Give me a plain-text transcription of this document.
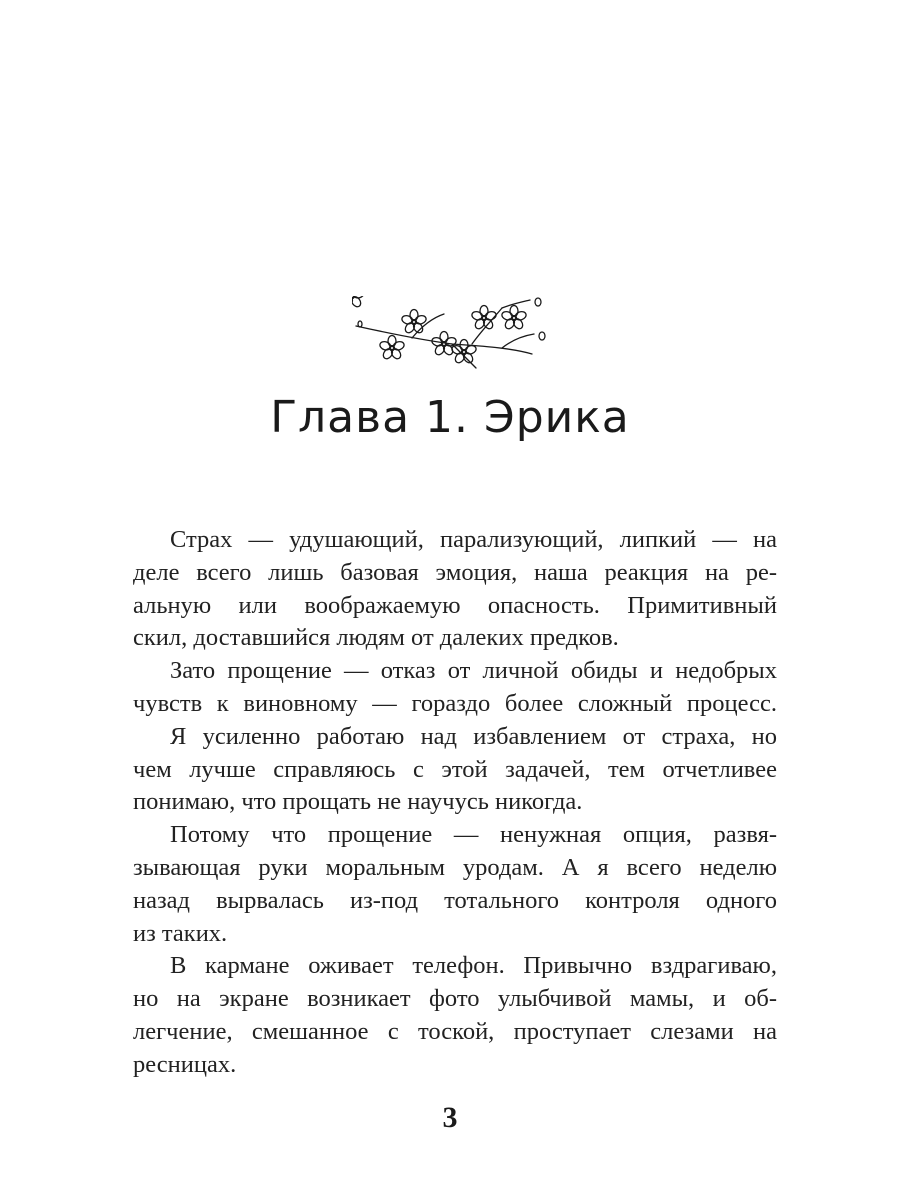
Глава 1. Эрика
Страх — удушающий, парализующий, липкий — на
деле всего лишь базовая эмоция, наша реакция на ре-
альную или воображаемую опасность. Примитивный
скил, доставшийся людям от далеких предков.
Зато прощение — отказ от личной обиды и недобрых
чувств к виновному — гораздо более сложный процесс.
Я усиленно работаю над избавлением от страха, но
чем лучше справляюсь с этой задачей, тем отчетливее
понимаю, что прощать не научусь никогда.
Потому что прощение — ненужная опция, развя-
зывающая руки моральным уродам. А я всего неделю
назад вырвалась из-под тотального контроля одного
из таких.
В кармане оживает телефон. Привычно вздрагиваю,
но на экране возникает фото улыбчивой мамы, и об-
легчение, смешанное с тоской, проступает слезами на
ресницах.
3
